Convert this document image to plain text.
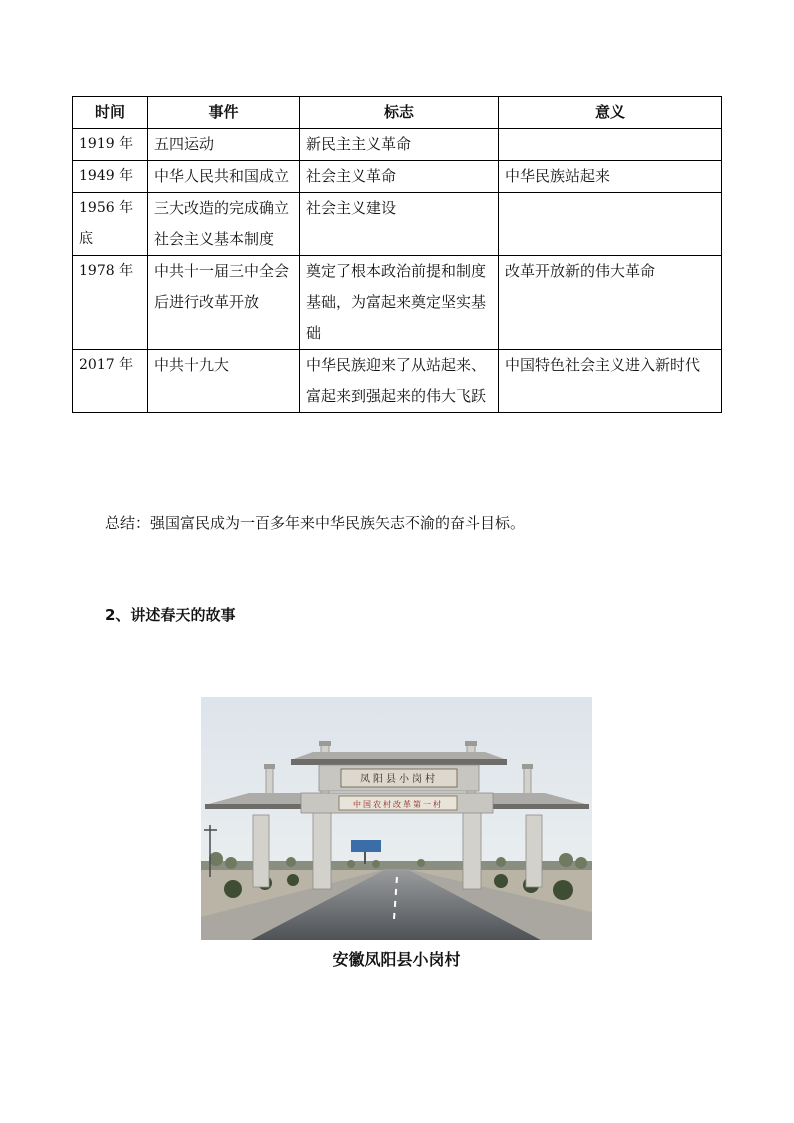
时间	事件	标志	意义
1919 年	五四运动	新民主主义革命	
1949 年	中华人民共和国成立	社会主义革命	中华民族站起来
1956 年底	三大改造的完成确立社会主义基本制度	社会主义建设	
1978 年	中共十一届三中全会后进行改革开放	奠定了根本政治前提和制度基础，为富起来奠定坚实基础	改革开放新的伟大革命
2017 年	中共十九大	中华民族迎来了从站起来、富起来到强起来的伟大飞跃	中国特色社会主义进入新时代
总结：强国富民成为一百多年来中华民族矢志不渝的奋斗目标。
2、讲述春天的故事
中国农村改革第一村
凤阳县小岗村
安徽凤阳县小岗村
